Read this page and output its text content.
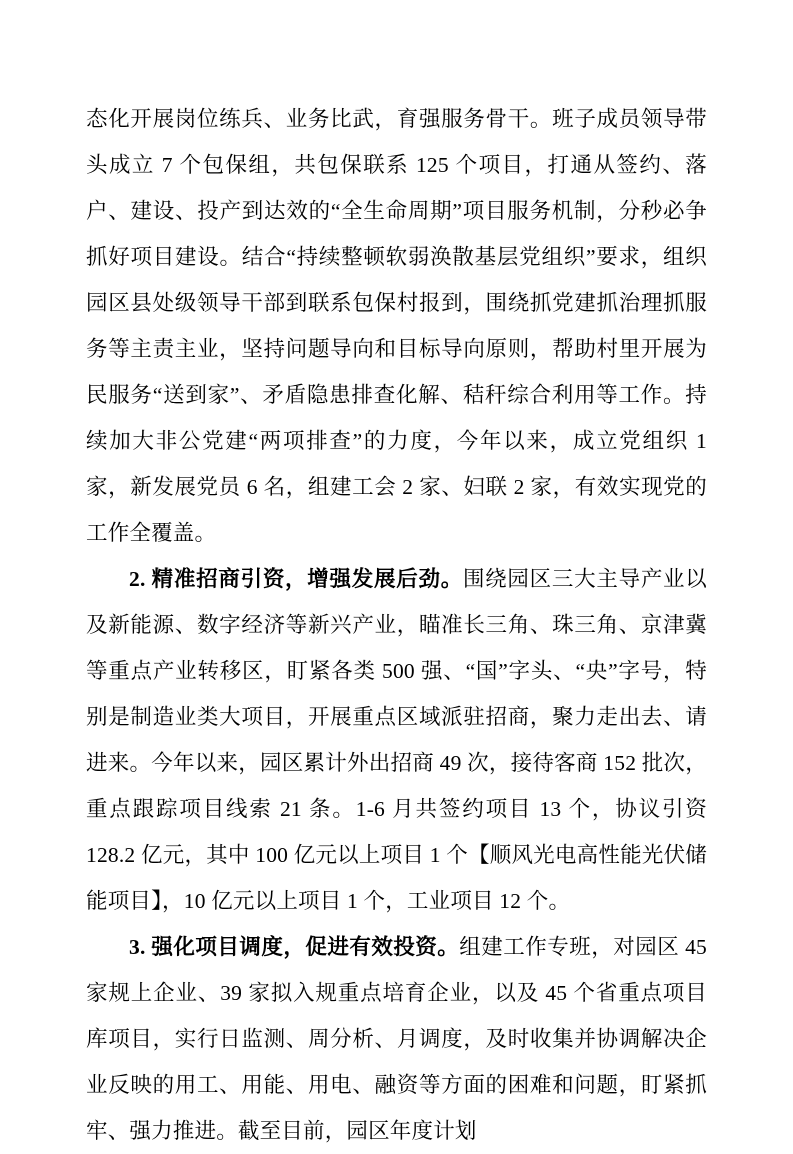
态化开展岗位练兵、业务比武，育强服务骨干。班子成员领导带头成立 7 个包保组，共包保联系 125 个项目，打通从签约、落户、建设、投产到达效的“全生命周期”项目服务机制，分秒必争抓好项目建设。结合“持续整顿软弱涣散基层党组织”要求，组织园区县处级领导干部到联系包保村报到，围绕抓党建抓治理抓服务等主责主业，坚持问题导向和目标导向原则，帮助村里开展为民服务“送到家”、矛盾隐患排查化解、秸秆综合利用等工作。持续加大非公党建“两项排查”的力度，今年以来，成立党组织 1 家，新发展党员 6 名，组建工会 2 家、妇联 2 家，有效实现党的工作全覆盖。

2. 精准招商引资，增强发展后劲。围绕园区三大主导产业以及新能源、数字经济等新兴产业，瞄准长三角、珠三角、京津冀等重点产业转移区，盯紧各类 500 强、“国”字头、“央”字号，特别是制造业类大项目，开展重点区域派驻招商，聚力走出去、请进来。今年以来，园区累计外出招商 49 次，接待客商 152 批次，重点跟踪项目线索 21 条。1-6 月共签约项目 13 个，协议引资 128.2 亿元，其中 100 亿元以上项目 1 个【顺风光电高性能光伏储能项目】，10 亿元以上项目 1 个，工业项目 12 个。

3. 强化项目调度，促进有效投资。组建工作专班，对园区 45 家规上企业、39 家拟入规重点培育企业，以及 45 个省重点项目库项目，实行日监测、周分析、月调度，及时收集并协调解决企业反映的用工、用能、用电、融资等方面的困难和问题，盯紧抓牢、强力推进。截至目前，园区年度计划
